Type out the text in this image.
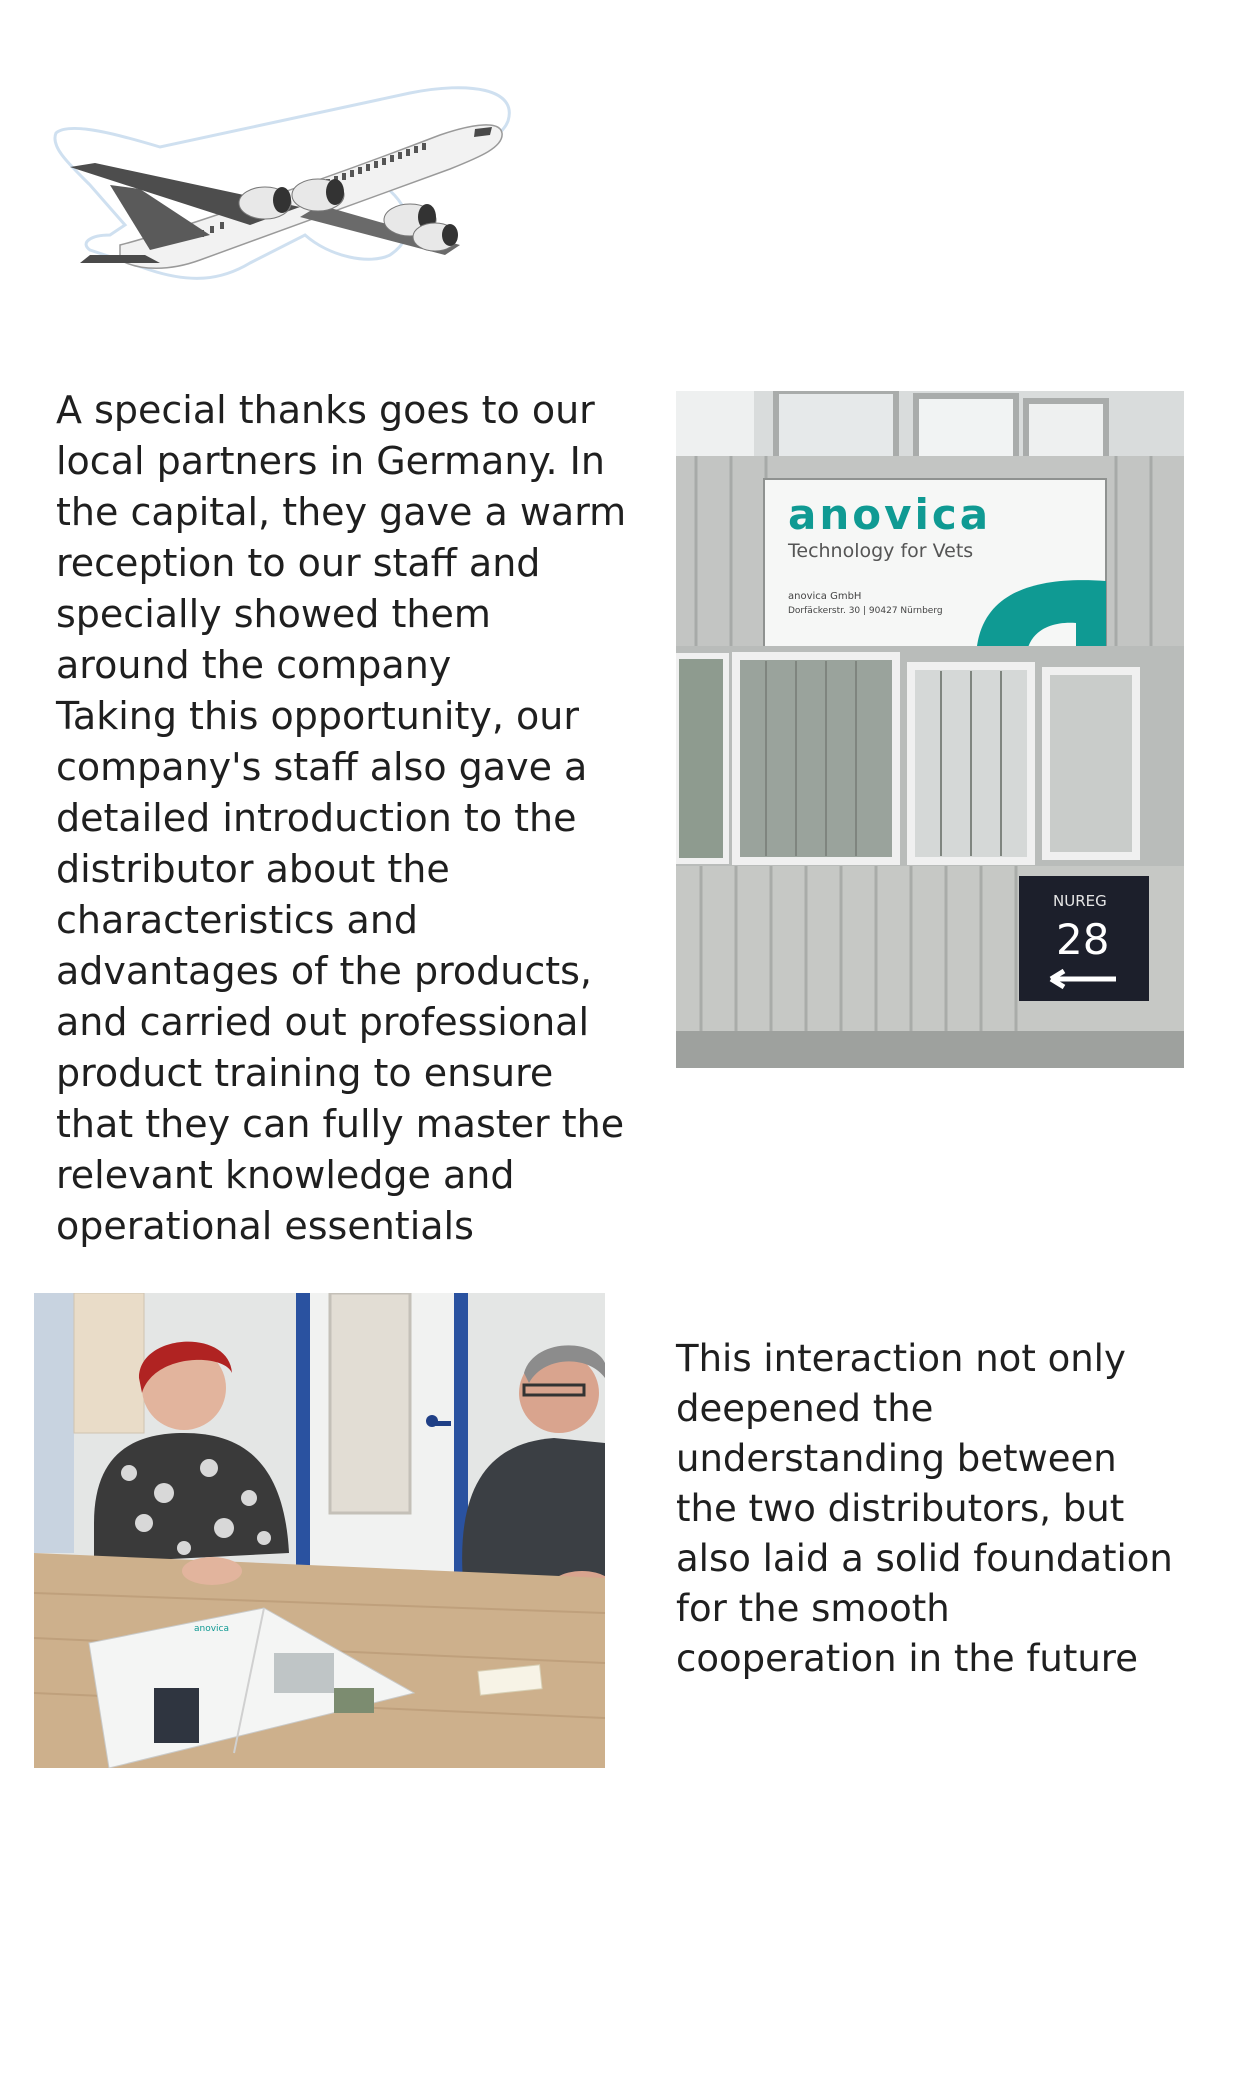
A special thanks goes to our local partners in Germany. In the capital, they gave a warm reception to our staff and specially showed them around the company

Taking this opportunity, our company's staff also gave a detailed introduction to the distributor about the characteristics and advantages of the products, and carried out professional product training to ensure that they can fully master the relevant knowledge and operational essentials

anovica
Technology for Vets
anovica GmbH
Dorfäckerstr. 30 | 90427 Nürnberg
NUREG
28
anovica

This interaction not only deepened the understanding between the two distributors, but also laid a solid foundation for the smooth cooperation in the future
